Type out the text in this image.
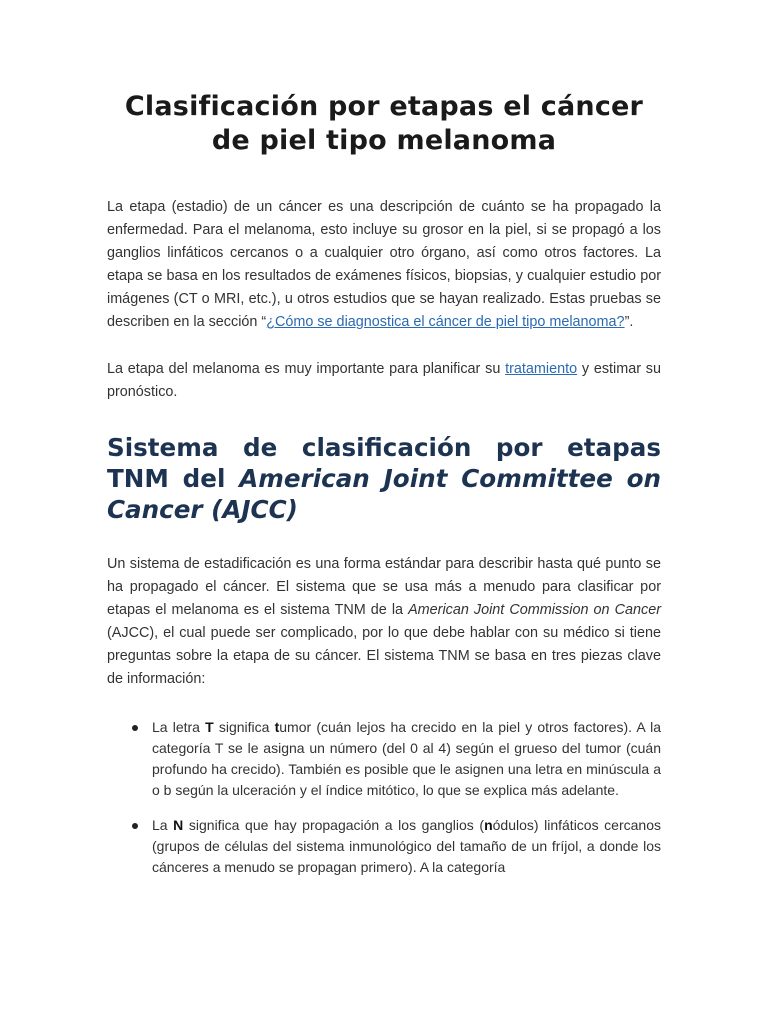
Clasificación por etapas el cáncer de piel tipo melanoma

La etapa (estadio) de un cáncer es una descripción de cuánto se ha propagado la enfermedad. Para el melanoma, esto incluye su grosor en la piel, si se propagó a los ganglios linfáticos cercanos o a cualquier otro órgano, así como otros factores. La etapa se basa en los resultados de exámenes físicos, biopsias, y cualquier estudio por imágenes (CT o MRI, etc.), u otros estudios que se hayan realizado. Estas pruebas se describen en la sección “¿Cómo se diagnostica el cáncer de piel tipo melanoma?”.

La etapa del melanoma es muy importante para planificar su tratamiento y estimar su pronóstico.

Sistema de clasificación por etapas TNM del American Joint Committee on Cancer (AJCC)

Un sistema de estadificación es una forma estándar para describir hasta qué punto se ha propagado el cáncer. El sistema que se usa más a menudo para clasificar por etapas el melanoma es el sistema TNM de la American Joint Commission on Cancer (AJCC), el cual puede ser complicado, por lo que debe hablar con su médico si tiene preguntas sobre la etapa de su cáncer. El sistema TNM se basa en tres piezas clave de información:

La letra T significa tumor (cuán lejos ha crecido en la piel y otros factores). A la categoría T se le asigna un número (del 0 al 4) según el grueso del tumor (cuán profundo ha crecido). También es posible que le asignen una letra en minúscula a o b según la ulceración y el índice mitótico, lo que se explica más adelante.
La N significa que hay propagación a los ganglios (nódulos) linfáticos cercanos (grupos de células del sistema inmunológico del tamaño de un fríjol, a donde los cánceres a menudo se propagan primero). A la categoría
